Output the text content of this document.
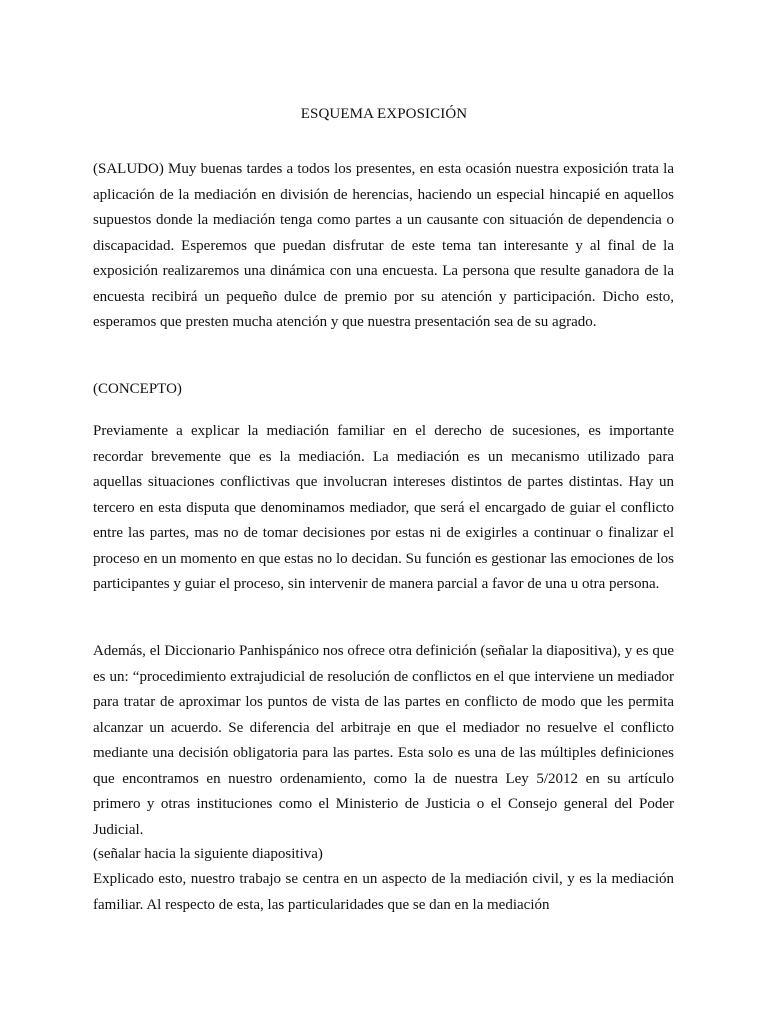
ESQUEMA EXPOSICIÓN

(SALUDO) Muy buenas tardes a todos los presentes, en esta ocasión nuestra exposición trata la aplicación de la mediación en división de herencias, haciendo un especial hincapié en aquellos supuestos donde la mediación tenga como partes a un causante con situación de dependencia o discapacidad. Esperemos que puedan disfrutar de este tema tan interesante y al final de la exposición realizaremos una dinámica con una encuesta. La persona que resulte ganadora de la encuesta recibirá un pequeño dulce de premio por su atención y participación. Dicho esto, esperamos que presten mucha atención y que nuestra presentación sea de su agrado.

(CONCEPTO)

Previamente a explicar la mediación familiar en el derecho de sucesiones, es importante recordar brevemente que es la mediación. La mediación es un mecanismo utilizado para aquellas situaciones conflictivas que involucran intereses distintos de partes distintas. Hay un tercero en esta disputa que denominamos mediador, que será el encargado de guiar el conflicto entre las partes, mas no de tomar decisiones por estas ni de exigirles a continuar o finalizar el proceso en un momento en que estas no lo decidan. Su función es gestionar las emociones de los participantes y guiar el proceso, sin intervenir de manera parcial a favor de una u otra persona.

Además, el Diccionario Panhispánico nos ofrece otra definición (señalar la diapositiva), y es que es un: “procedimiento extrajudicial de resolución de conflictos en el que interviene un mediador para tratar de aproximar los puntos de vista de las partes en conflicto de modo que les permita alcanzar un acuerdo. Se diferencia del arbitraje en que el mediador no resuelve el conflicto mediante una decisión obligatoria para las partes. Esta solo es una de las múltiples definiciones que encontramos en nuestro ordenamiento, como la de nuestra Ley 5/2012 en su artículo primero y otras instituciones como el Ministerio de Justicia o el Consejo general del Poder Judicial.

(señalar hacia la siguiente diapositiva)

Explicado esto, nuestro trabajo se centra en un aspecto de la mediación civil, y es la mediación familiar. Al respecto de esta, las particularidades que se dan en la mediación
